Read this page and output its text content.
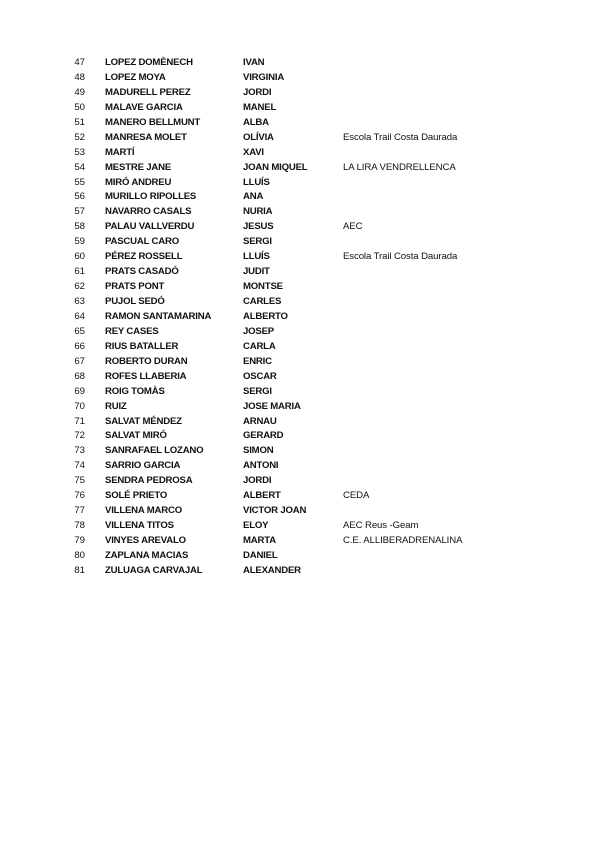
47 LOPEZ DOMÈNECH	IVAN
48 LOPEZ MOYA	VIRGINIA
49 MADURELL PEREZ	JORDI
50 MALAVE GARCIA	MANEL
51 MANERO BELLMUNT	ALBA
52 MANRESA MOLET	OLÍVIA	Escola Trail Costa Daurada
53 MARTÍ	XAVI
54 MESTRE JANE	JOAN MIQUEL	LA LIRA VENDRELLENCA
55 MIRÓ ANDREU	LLUÍS
56 MURILLO RIPOLLES	ANA
57 NAVARRO CASALS	NURIA
58 PALAU VALLVERDU	JESUS	AEC
59 PASCUAL CARO	SERGI
60 PÉREZ ROSSELL	LLUÍS	Escola Trail Costa Daurada
61 PRATS CASADÓ	JUDIT
62 PRATS PONT	MONTSE
63 PUJOL SEDÓ	CARLES
64 RAMON SANTAMARINA	ALBERTO
65 REY CASES	JOSEP
66 RIUS BATALLER	CARLA
67 ROBERTO DURAN	ENRIC
68 ROFES LLABERIA	OSCAR
69 ROIG TOMÀS	SERGI
70 RUIZ	JOSE MARIA
71 SALVAT MÉNDEZ	ARNAU
72 SALVAT MIRÓ	GERARD
73 SANRAFAEL LOZANO	SIMON
74 SARRIO GARCIA	ANTONI
75 SENDRA PEDROSA	JORDI
76 SOLÉ PRIETO	ALBERT	CEDA
77 VILLENA MARCO	VICTOR JOAN
78 VILLENA TITOS	ELOY	AEC Reus -Geam
79 VINYES AREVALO	MARTA	C.E. ALLIBERADRENALINA
80 ZAPLANA MACIAS	DANIEL
81 ZULUAGA CARVAJAL	ALEXANDER
